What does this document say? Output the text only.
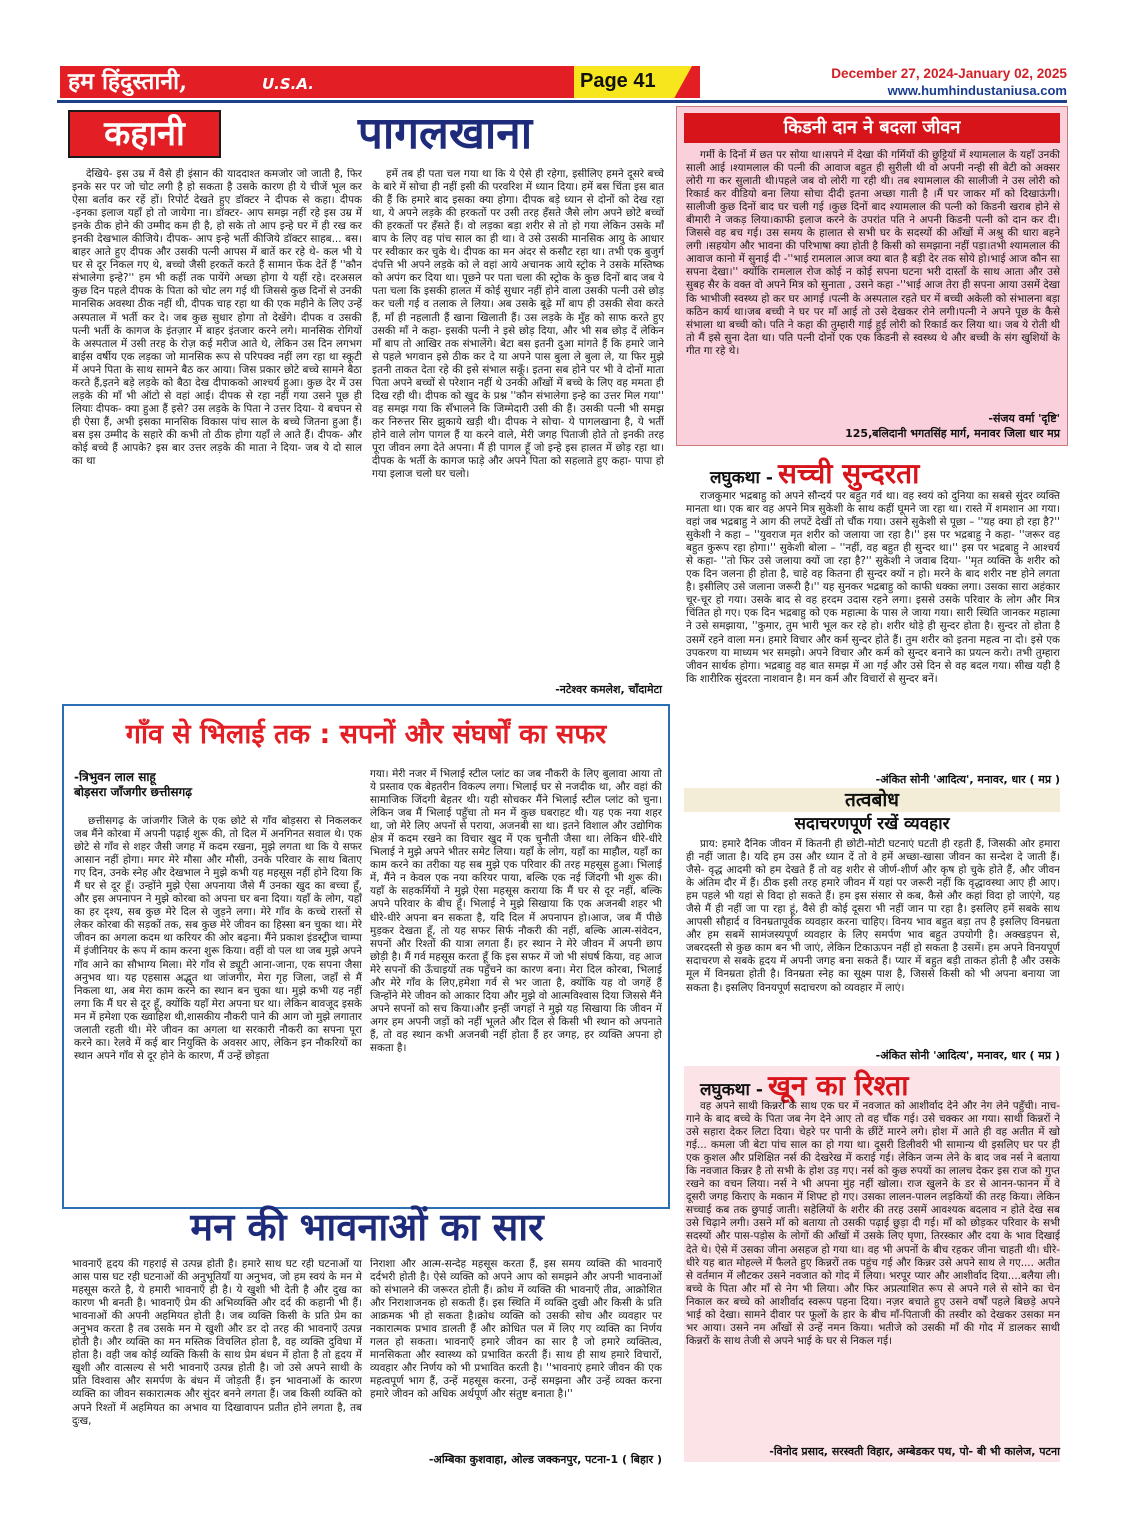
हम हिंदुस्तानी,	U.S.A.	Page 41	December 27, 2024-January 02, 2025
www.humhindustaniusa.com
कहानी	पागलखाना

देखिये- इस उम्र में वैसे ही इंसान की याददाश्त कमजोर जो जाती है, फिर इनके सर पर जो चोट लगी है हो सकता है उसके कारण ही ये चीजें भूल कर ऐसा बर्ताव कर रहें हों। रिपोर्ट देखते हुए डॉक्टर ने दीपक से कहा। दीपक -इनका इलाज यहाँ हो तो जायेगा ना। डॉक्टर- आप समझ नहीं रहे इस उम्र में इनके ठीक होने की उम्मीद कम ही है, हो सके तो आप इन्हे घर में ही रख कर इनकी देखभाल कीजिये। दीपक- आप इन्हे भर्ती कीजिये डॉक्टर साहब... बस। बाहर आते हुए दीपक और उसकी पत्नी आपस में बातें कर रहे थे- कल भी ये घर से दूर निकल गए थे, बच्चो जैसी हरकतें करते हैं सामान फेंक देतें हैं ''कौन संभालेगा इन्हे?'' हम भी कहीं तक पायेंगे अच्छा होगा ये यहीं रहे। दरअसल कुछ दिन पहले दीपक के पिता को चोट लग गई थी जिससे कुछ दिनों से उनकी मानसिक अवस्था ठीक नहीं थी, दीपक चाह रहा था की एक महीने के लिए उन्हें अस्पताल में भर्ती कर दे। जब कुछ सुधार होगा तो देखेंगे। दीपक व उसकी पत्नी भर्ती के कागज के इंतज़ार में बाहर इंतजार करने लगे। मानसिक रोगियों के अस्पताल में उसी तरह के रोज़ कई मरीज आते थे, लेकिन उस दिन लगभग बाईस वर्षीय एक लड़का जो मानसिक रूप से परिपक्व नहीं लग रहा था स्कूटी में अपने पिता के साथ सामने बैठ कर आया। जिस प्रकार छोटे बच्चे सामने बैठा करते हैं,इतने बड़े लड़के को बैठा देख दीपाकको आश्चर्य हुआ। कुछ देर में उस लड़के की माँ भी ऑटो से वहां आई। दीपक से रहा नहीं गया उसने पूछ ही लियाः दीपक- क्या हुआ हैं इसे? उस लड़के के पिता ने उत्तर दिया- ये बचपन से ही ऐसा हैं, अभी इसका मानसिक विकास पांच साल के बच्चे जितना हुआ हैं। बस इस उम्मीद के सहारे की कभी तो ठीक होगा यहाँ ले आते हैं। दीपक- और कोई बच्चे हैं आपके? इस बार उत्तर लड़के की माता ने दिया- जब ये दो साल का था

हमें तब ही पता चल गया था कि ये ऐसे ही रहेगा, इसीलिए हमने दूसरे बच्चे के बारे में सोचा ही नहीं इसी की परवरिश में ध्यान दिया। हमें बस चिंता इस बात की हैं कि हमारे बाद इसका क्या होगा। दीपक बड़े ध्यान से दोनों को देख रहा था, ये अपने लड़के की हरकतों पर उसी तरह हँसते जैसे लोग अपने छोटे बच्चों की हरकतों पर हँसते हैं। वो लड़का बड़ा शरीर से तो हो गया लेकिन उसके माँ बाप के लिए वह पांच साल का ही था। वे उसे उसकी मानसिक आयु के आधार पर स्वीकार कर चुके थे। दीपक का मन अंदर से कसौट रहा था। तभी एक बुजुर्ग दंपत्ति भी अपने लड़के को ले वहां आये अचानक आये स्ट्रोक ने उसके मस्तिष्क को अपंग कर दिया था। पूछने पर पता चला की स्ट्रोक के कुछ दिनों बाद जब ये पता चला कि इसकी हालत में कोई सुधार नहीं होने वाला उसकी पत्नी उसे छोड़ कर चली गई व तलाक ले लिया। अब उसके बूढ़े माँ बाप ही उसकी सेवा करते हैं, माँ ही नहलाती हैं खाना खिलाती हैं। उस लड़के के मुँह को साफ करते हुए उसकी माँ ने कहा- इसकी पत्नी ने इसे छोड़ दिया, और भी सब छोड़ दें लेकिन माँ बाप तो आखिर तक संभालेंगे। बेटा बस इतनी दुआ मांगते हैं कि हमारे जाने से पहले भगवान इसे ठीक कर दे या अपने पास बुला ले बुला ले, या फिर मुझे इतनी ताकत देता रहे की इसे संभाल सकूँ। इतना सब होने पर भी वे दोनों माता पिता अपने बच्चों से परेशान नहीं थे उनकी आँखों में बच्चे के लिए वह ममता ही दिख रही थी। दीपक को खुद के प्रश्न ''कौन संभालेगा इन्हे का उत्तर मिल गया'' वह समझ गया कि सँभालने कि जिम्मेदारी उसी की हैं। उसकी पत्नी भी समझ कर निरुत्तर सिर झुकाये खड़ी थी। दीपक ने सोचा- ये पागलखाना है, ये भर्ती होने वाले लोग पागल हैं या करने वाले, मेरी जगह पिताजी होते तो इनकी तरह पूरा जीवन लगा देते अपना। मैं ही पागल हूँ जो इन्हे इस हालत में छोड़ रहा था। दीपक के भर्ती के कागज फाड़े और अपने पिता को सहलाते हुए कहा- पापा हो गया इलाज चलो घर चलो।

-नटेश्वर कमलेश, चाँदामेटा
गाँव से भिलाई तक : सपनों और संघर्षों का सफर
-त्रिभुवन लाल साहू
बोड़सरा जाँजगीर छत्तीसगढ़

छत्तीसगढ़ के जांजगीर जिले के एक छोटे से गाँव बोड़सरा से निकलकर जब मैंने कोरबा में अपनी पढ़ाई शुरू की, तो दिल में अनगिनत सवाल थे। एक छोटे से गाँव से शहर जैसी जगह में कदम रखना, मुझे लगता था कि ये सफर आसान नहीं होगा। मगर मेरे मौसा और मौसी, उनके परिवार के साथ बिताए गए दिन, उनके स्नेह और देखभाल ने मुझे कभी यह महसूस नहीं होने दिया कि मैं घर से दूर हूँ। उन्होंने मुझे ऐसा अपनाया जैसे मैं उनका खुद का बच्चा हूँ, और इस अपनापन ने मुझे कोरबा को अपना घर बना दिया। यहाँ के लोग, यहाँ का हर दृश्य, सब कुछ मेरे दिल से जुड़ने लगा। मेरे गाँव के कच्चे रास्तों से लेकर कोरबा की सड़कों तक, सब कुछ मेरे जीवन का हिस्सा बन चुका था। मेरे जीवन का अगला कदम था करियर की ओर बढ़ना। मैंने प्रकाश इंडस्ट्रीज चाम्पा में इंजीनियर के रूप में काम करना शुरू किया। वहीं वो पल था जब मुझे अपने गाँव आने का सौभाग्य मिला। मेरे गाँव से ड्यूटी आना-जाना, एक सपना जैसा अनुभव था। यह एहसास अद्भुत था जांजगीर, मेरा गृह जिला, जहाँ से मैं निकला था, अब मेरा काम करने का स्थान बन चुका था। मुझे कभी यह नहीं लगा कि मैं घर से दूर हूँ, क्योंकि यहाँ मेरा अपना घर था। लेकिन बावजूद इसके मन में हमेशा एक ख्वाहिश थी,शासकीय नौकरी पाने की आग जो मुझे लगातार जलाती रहती थी। मेरे जीवन का अगला था सरकारी नौकरी का सपना पूरा करने का। रेलवे में कई बार नियुक्ति के अवसर आए, लेकिन इन नौकरियों का स्थान अपने गाँव से दूर होने के कारण, मैं उन्हें छोड़ता

गया। मेरी नजर में भिलाई स्टील प्लांट का जब नौकरी के लिए बुलावा आया तो ये प्रस्ताव एक बेहतरीन विकल्प लगा। भिलाई घर से नजदीक था, और वहां की सामाजिक जिंदगी बेहतर थी। यही सोचकर मैंने भिलाई स्टील प्लांट को चुना। लेकिन जब मैं भिलाई पहुँचा तो मन में कुछ घबराहट थी। यह एक नया शहर था, जो मेरे लिए अपनों से पराया, अजनबी सा था। इतने विशाल और उद्योगिक क्षेत्र में कदम रखने का विचार खुद में एक चुनौती जैसा था। लेकिन धीरे-धीरे भिलाई ने मुझे अपने भीतर समेट लिया। यहाँ के लोग, यहाँ का माहौल, यहाँ का काम करने का तरीका यह सब मुझे एक परिवार की तरह महसूस हुआ। भिलाई में, मैंने न केवल एक नया करियर पाया, बल्कि एक नई जिंदगी भी शुरू की। यहाँ के सहकर्मियों ने मुझे ऐसा महसूस कराया कि मैं घर से दूर नहीं, बल्कि अपने परिवार के बीच हूँ। भिलाई ने मुझे सिखाया कि एक अजनबी शहर भी धीरे-धीरे अपना बन सकता है, यदि दिल में अपनापन हो।आज, जब मैं पीछे मुड़कर देखता हूँ, तो यह सफर सिर्फ नौकरी की नहीं, बल्कि आत्म-संवेदन, सपनों और रिश्तों की यात्रा लगता हैं। हर स्थान ने मेरे जीवन में अपनी छाप छोड़ी है। मैं गर्व महसूस करता हूँ कि इस सफर में जो भी संघर्ष किया, वह आज मेरे सपनों की ऊँचाइयों तक पहुँचने का कारण बना। मेरा दिल कोरबा, भिलाई और मेरे गाँव के लिए,हमेशा गर्व से भर जाता है, क्योंकि यह वो जगहें हैं जिन्होंने मेरे जीवन को आकार दिया और मुझे वो आत्मविश्वास दिया जिससे मैंने अपने सपनों को सच किया।और इन्हीं जगहों ने मुझे यह सिखाया कि जीवन में अगर हम अपनी जड़ों को नहीं भूलते और दिल से किसी भी स्थान को अपनाते हैं, तो वह स्थान कभी अजनबी नहीं होता हैं हर जगह, हर व्यक्ति अपना हो सकता है।

मन की भावनाओं का सार

भावनाएँ हृदय की गहराई से उत्पन्न होती है। हमारे साथ घट रही घटनाओं या आस पास घट रही घटनाओं की अनुभूतियाँ या अनुभव, जो हम स्वयं के मन मे महसूस करते है, ये हमारी भावनाएँ ही है। ये खुशी भी देती है और दुख का कारण भी बनती है। भावनाएँ प्रेम की अभिव्यक्ति और दर्द की कहानी भी हैं। भावनाओं की अपनी अहमियत होती है। जब व्यक्ति किसी के प्रति प्रेम का अनुभव करता है तब उसके मन मे खुशी और डर दो तरह की भावनाएँ उत्पन्न होती है। और व्यक्ति का मन मस्तिक विचलित होता है, वह व्यक्ति दुविधा में होता है। वही जब कोई व्यक्ति किसी के साथ प्रेम बंधन में होता है तो हृदय में खुशी और वात्सल्य से भरी भावनाएँ उत्पन्न होती है। जो उसे अपने साथी के प्रति विश्वास और समर्पण के बंधन में जोड़ती हैं। इन भावनाओं के कारण व्यक्ति का जीवन सकारात्मक और सुंदर बनने लगता हैं। जब किसी व्यक्ति को अपने रिश्तों में अहमियत का अभाव या दिखावापन प्रतीत होने लगता है, तब दुःख,

निराशा और आत्म-सन्देह महसूस करता हैं, इस समय व्यक्ति की भावनाएँ दर्दभरी होती है। ऐसे व्यक्ति को अपने आप को समझने और अपनी भावनाओं को संभालने की जरूरत होती हैं। क्रोध में व्यक्ति की भावनाएँ तीव्र, आक्रोशित और निराशाजनक हो सकती हैं। इस स्थिति में व्यक्ति दुखी और किसी के प्रति आक्रमक भी हो सकता है।क्रोध व्यक्ति को उसकी सोच और व्यवहार पर नकारात्मक प्रभाव डालती हैं और क्रोधित पल में लिए गए व्यक्ति का निर्णय गलत हो सकता। भावनाएँ हमारे जीवन का सार है जो हमारे व्यक्तित्व, मानसिकता और स्वास्थ्य को प्रभावित करती हैं। साथ ही साथ हमारे विचारों, व्यवहार और निर्णय को भी प्रभावित करती है। ''भावनाएं हमारे जीवन की एक महत्वपूर्ण भाग हैं, उन्हें महसूस करना, उन्हें समझना और उन्हें व्यक्त करना हमारे जीवन को अधिक अर्थपूर्ण और संतुष्ट बनाता है।''

-अम्बिका कुशवाहा, ओल्ड जक्कनपुर, पटना-1 ( बिहार )
किडनी दान ने बदला जीवन

गर्मी के दिनों में छत पर सोया था।सपने में देखा की गर्मियों की छुट्टियों में श्यामलाल के यहाँ उनकी साली आई ।श्यामलाल की पत्नी की आवाज बहुत ही सुरीली थी वो अपनी नन्ही सी बेटी को अक्सर लोरी गा कर सुलाती थी।पहले जब वो लोरी गा रही थी। तब श्यामलाल की सालीजी ने उस लोरी को रिकार्ड कर वीडियो बना लिया सोचा दीदी इतना अच्छा गाती है ।मैं घर जाकर माँ को दिखाऊंगी। सालीजी कुछ दिनों बाद घर चली गई ।कुछ दिनों बाद श्यामलाल की पत्नी को किडनी खराब होने से बीमारी ने जकड़ लिया।काफी इलाज करने के उपरांत पति ने अपनी किडनी पत्नी को दान कर दी।जिससे वह बच गई। उस समय के हालात से सभी घर के सदस्यों की आँखों में अश्रु की धारा बहने लगी ।सहयोग और भावना की परिभाषा क्या होती है किसी को समझाना नहीं पड़ा।तभी श्यामलाल की आवाज कानो में सुनाई दी -''भाई रामलाल आज क्या बात है बड़ी देर तक सोये हो।भाई आज कौन सा सपना देखा।'' क्योंकि रामलाल रोज कोई न कोई सपना घटना भरी दास्ताँ के साथ आता और उसे सुबह सैर के वक्त वो अपने मित्र को सुनाता , उसने कहा -''भाई आज तेरा ही सपना आया उसमें देखा कि भाभीजी स्वस्थ्य हो कर घर आगई ।पत्नी के अस्पताल रहते घर में बच्ची अकेली को संभालना बड़ा कठिन कार्य था।जब बच्ची ने घर पर माँ आई तो उसे देखकर रोने लगी।पत्नी ने अपने पूछ के कैसे संभाला था बच्ची को। पति ने कहा की तुम्हारी गाई हुई लोरी को रिकार्ड कर लिया था। जब ये रोती थी तो मैं इसे सुना देता था। पति पत्नी दोनों एक एक किडनी से स्वस्थ्य थे और बच्ची के संग खुशियों के गीत गा रहे थे।

-संजय वर्मा 'दृष्टि'
125,बलिदानी भगतसिंह मार्ग, मनावर जिला धार मप्र
लघुकथा - सच्ची सुन्दरता

राजकुमार भद्रबाहु को अपने सौन्दर्य पर बहुत गर्व था। वह स्वयं को दुनिया का सबसे सुंदर व्यक्ति मानता था। एक बार वह अपने मित्र सुकेशी के साथ कहीं घूमने जा रहा था। रास्ते में शमशान आ गया। वहां जब भद्रबाहु ने आग की लपटें देखीं तो चौंक गया। उसने सुकेशी से पूछा – ''यह क्या हो रहा है?'' सुकेशी ने कहा – ''युवराज मृत शरीर को जलाया जा रहा है।'' इस पर भद्रबाहु ने कहा- ''जरूर वह बहुत कुरूप रहा होगा।'' सुकेशी बोला – ''नहीं, वह बहुत ही सुन्दर था।'' इस पर भद्रबाहु ने आश्चर्य से कहा- ''तो फिर उसे जलाया क्यों जा रहा है?'' सुकेशी ने जवाब दिया- ''मृत व्यक्ति के शरीर को एक दिन जलना ही होता है, चाहे वह कितना ही सुन्दर क्यों न हो। मरने के बाद शरीर नष्ट होने लगता है। इसीलिए उसे जलाना जरूरी है।'' यह सुनकर भद्रबाहु को काफी धक्का लगा। उसका सारा अहंकार चूर-चूर हो गया। उसके बाद से वह हरदम उदास रहने लगा। इससे उसके परिवार के लोग और मित्र चिंतित हो गए। एक दिन भद्रबाहु को एक महात्मा के पास ले जाया गया। सारी स्थिति जानकर महात्मा ने उसे समझाया, ''कुमार, तुम भारी भूल कर रहे हो। शरीर थोड़े ही सुन्दर होता है। सुन्दर तो होता है उसमें रहने वाला मन। हमारे विचार और कर्म सुन्दर होते हैं। तुम शरीर को इतना महत्व ना दो। इसे एक उपकरण या माध्यम भर समझो। अपने विचार और कर्म को सुन्दर बनाने का प्रयत्न करो। तभी तुम्हारा जीवन सार्थक होगा। भद्रबाहु वह बात समझ में आ गई और उसे दिन से वह बदल गया। सीख यही है कि शारीरिक सुंदरता नाशवान है। मन कर्म और विचारों से सुन्दर बनें।

-अंकित सोनी 'आदित्य', मनावर, धार ( मप्र )
तत्वबोध
सदाचरणपूर्ण रखें व्यवहार

प्राय: हमारे दैनिक जीवन में कितनी ही छोटी-मोटी घटनाएं घटती ही रहती हैं, जिसकी ओर हमारा ही नहीं जाता है। यदि हम उस और ध्यान दें तो वे हमें अच्छा-खासा जीवन का सन्देश दे जाती हैं। जैसे- वृद्ध आदमी को हम देखते हैं तो वह शरीर से जीर्ण-शीर्ण और कृष हो चुके होते हैं, और जीवन के अंतिम दौर में हैं। ठीक इसी तरह हमारे जीवन में यहां पर जरूरी नहीं कि वृद्धावस्था आए ही आए। हम पहले भी यहां से विदा हो सकते हैं। हम इस संसार से कब, कैसे और कहां विदा हो जाएंगे, यह जैसे मैं ही नहीं जा पा रहा हूं, वैसे ही कोई दूसरा भी नहीं जान पा रहा है। इसलिए हमें सबके साथ आपसी सौहार्द व विनम्रतापूर्वक व्यवहार करना चाहिए। विनय भाव बहुत बड़ा तप है इसलिए विनम्रता और हम सबमें सामंजस्यपूर्ण व्यवहार के लिए समर्पण भाव बहुत उपयोगी है। अक्खड़पन से, जबरदस्ती से कुछ काम बन भी जाएं, लेकिन टिकाऊपन नहीं हो सकता है उसमें। हम अपने विनयपूर्ण सदाचरण से सबके हृदय में अपनी जगह बना सकते हैं। प्यार में बहुत बड़ी ताकत होती है और उसके मूल में विनम्रता होती है। विनम्रता स्नेह का सूक्ष्म पाश है, जिससे किसी को भी अपना बनाया जा सकता है। इसलिए विनयपूर्ण सदाचरण को व्यवहार में लाएं।

-अंकित सोनी 'आदित्य', मनावर, धार ( मप्र )
लघुकथा - खून का रिश्ता

वह अपने साथी किन्नरों के साथ एक घर में नवजात को आशीर्वाद देने और नेग लेने पहुँची। नाच-गाने के बाद बच्चे के पिता जब नेग देने आए तो वह चौंक गई। उसे चक्कर आ गया। साथी किन्नरों ने उसे सहारा देकर लिटा दिया। चेहरे पर पानी के छींटें मारने लगे। होश में आते ही वह अतीत में खो गई... कमला जी बेटा पांच साल का हो गया था। दूसरी डिलीवरी भी सामान्य थी इसलिए घर पर ही एक कुशल और प्रशिक्षित नर्स की देखरेख में कराई गई। लेकिन जन्म लेने के बाद जब नर्स ने बताया कि नवजात किन्नर है तो सभी के होश उड़ गए। नर्स को कुछ रुपयों का लालच देकर इस राज को गुप्त रखने का वचन लिया। नर्स ने भी अपना मुंह नहीं खोला। राज खुलने के डर से आनन-फानन में वे दूसरी जगह किराए के मकान में शिफ्ट हो गए। उसका लालन-पालन लड़कियों की तरह किया। लेकिन सच्चाई कब तक छुपाई जाती। सहेलियों के शरीर की तरह उसमें आवश्यक बदलाव न होते देख सब उसे चिढ़ाने लगी। उसने माँ को बताया तो उसकी पढ़ाई छुड़ा दी गई। माँ को छोड़कर परिवार के सभी सदस्यों और पास-पड़ोस के लोगों की आँखों में उसके लिए घृणा, तिरस्कार और दया के भाव दिखाई देते थे। ऐसे में उसका जीना असहज हो गया था। वह भी अपनों के बीच रहकर जीना चाहती थी। धीरे-धीरे यह बात मोहल्ले में फैलते हुए किन्नरों तक पहुंच गई और किन्नर उसे अपने साथ ले गए.... अतीत से वर्तमान में लौटकर उसने नवजात को गोद में लिया। भरपूर प्यार और आशीर्वाद दिया....बलैया ली। बच्चे के पिता और माँ से नेग भी लिया। और फिर अप्रत्याशित रूप से अपने गले से सोने का चेन निकाल कर बच्चे को आशीर्वाद स्वरूप पहना दिया। नज़र बचाते हुए उसने वर्षों पहले बिछड़े अपने भाई को देखा। सामने दीवार पर फूलों के हार के बीच माँ-पिताजी की तस्वीर को देखकर उसका मन भर आया। उसने नम आँखों से उन्हें नमन किया। भतीजे को उसकी माँ की गोद में डालकर साथी किन्नरों के साथ तेजी से अपने भाई के घर से निकल गई।

-विनोद प्रसाद, सरस्वती विहार, अम्बेडकर पथ, पो- बी भी कालेज, पटना
